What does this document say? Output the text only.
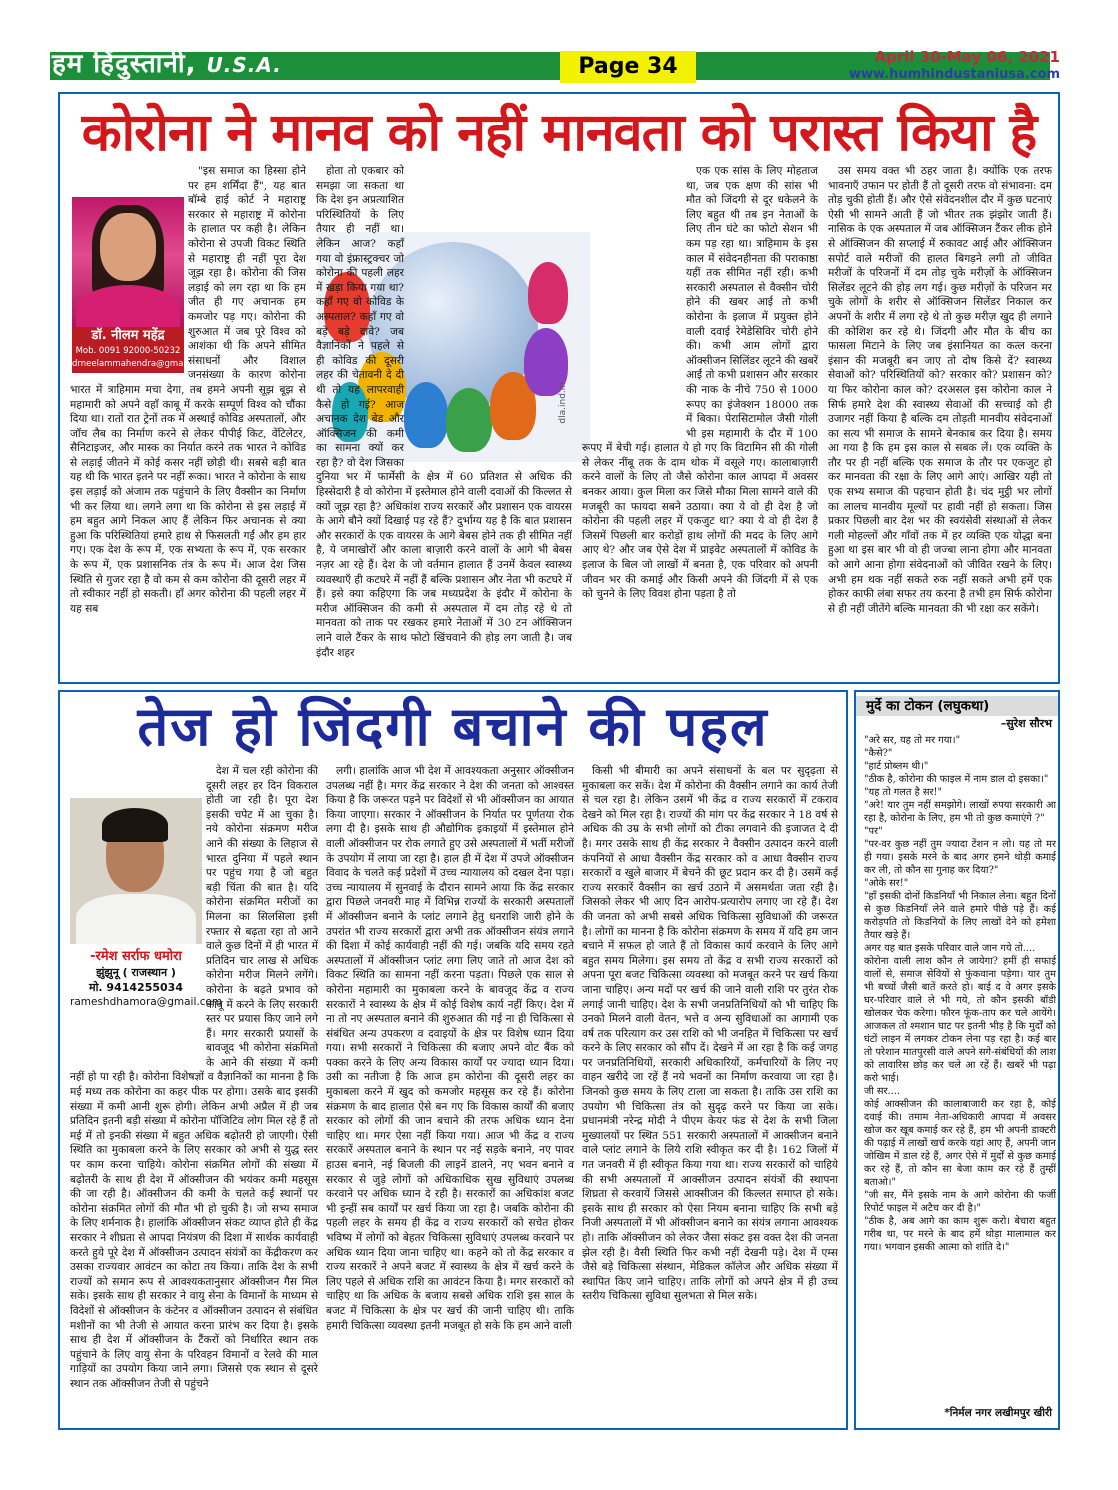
हम हिंदुस्तानी, U.S.A.	Page 34	April 30-May 06, 2021
www.humhindustaniusa.com
कोरोना ने मानव को नहीं मानवता को परास्त किया है
डॉ. नीलम महेंद्र
Mob. 0091 92000-50232
drneelammahendra@gmail.com
dla.ind.in

"इस समाज का हिस्सा होने पर हम शर्मिंदा हैं", यह बात बॉम्बे हाई कोर्ट ने महाराष्ट्र सरकार से महाराष्ट्र में कोरोना के हालात पर कही है। लेकिन कोरोना से उपजी विकट स्थिति से महाराष्ट्र ही नहीं पूरा देश जूझ रहा है। कोरोना की जिस लड़ाई को लग रहा था कि हम जीत ही गए अचानक हम कमजोर पड़ गए। कोरोना की शुरुआत में जब पूरे विश्व को आशंका थी कि अपने सीमित संसाधनों और विशाल जनसंख्या के कारण कोरोना भारत में त्राहिमाम मचा देगा, तब हमने अपनी सूझ बूझ से महामारी को अपने वहाँ काबू में करके सम्पूर्ण विश्व को चौंका दिया था। रातों रात ट्रेनों तक में अस्थाई कोविड अस्पतालों, और जाँच लैब का निर्माण करने से लेकर पीपीई किट, वेंटिलेटर, सैनिटाइजर, और मास्क का निर्यात करने तक भारत ने कोविड से लड़ाई जीतने में कोई कसर नहीं छोड़ी थी। सबसे बड़ी बात यह थी कि भारत इतने पर नहीं रूका। भारत ने कोरोना के साथ इस लड़ाई को अंजाम तक पहुंचाने के लिए वैक्सीन का निर्माण भी कर लिया था। लगने लगा था कि कोरोना से इस लड़ाई में हम बहुत आगे निकल आए हैं लेकिन फिर अचानक से क्या हुआ कि परिस्थितियां हमारे हाथ से फिसलती गईं और हम हार गए। एक देश के रूप में, एक सभ्यता के रूप में, एक सरकार के रूप में, एक प्रशासनिक तंत्र के रूप में। आज देश जिस स्थिति से गुजर रहा है वो कम से कम कोरोना की दूसरी लहर में तो स्वीकार नहीं हो सकती। हाँ अगर कोरोना की पहली लहर में यह सब

होता तो एकबार को समझा जा सकता था कि देश इन अप्रत्याशित परिस्थितियों के लिए तैयार ही नहीं था। लेकिन आज? कहाँ गया वो इंफ्रास्ट्रक्चर जो कोरोना की पहली लहर में खड़ा किया गया था? कहाँ गए वो कोविड के अस्पताल? कहाँ गए वो बड़े बड़े दावे? जब वैज्ञानिकों ने पहले से ही कोविड की दूसरी लहर की चेतावनी दे दी थी तो यह लापरवाही कैसे हो गई? आज अचानक देश बेड और ऑक्सिजन की कमी का सामना क्यों कर रहा है? वो देश जिसका दुनिया भर में फार्मेसी के क्षेत्र में 60 प्रतिशत से अधिक की हिस्सेदारी है वो कोरोना में इस्तेमाल होने वाली दवाओं की किल्लत से क्यों जूझ रहा है? अधिकांश राज्य सरकारें और प्रशासन एक वायरस के आगे बौने क्यों दिखाई पड़ रहे हैं? दुर्भाग्य यह है कि बात प्रशासन और सरकारों के एक वायरस के आगे बेबस होने तक ही सीमित नहीं है, ये जमाखोरों और काला बाज़ारी करने वालों के आगे भी बेबस नज़र आ रहे हैं। देश के जो वर्तमान हालात हैं उनमें केवल स्वास्थ्य व्यवस्थाएँ ही कटघरे में नहीं हैं बल्कि प्रशासन और नेता भी कटघरे में हैं। इसे क्या कहिएगा कि जब मध्यप्रदेश के इंदौर में कोरोना के मरीज ऑक्सिजन की कमी से अस्पताल में दम तोड़ रहे थे तो मानवता को ताक पर रखकर हमारे नेताओं में 30 टन ऑक्सिजन लाने वाले टैंकर के साथ फोटो खिंचवाने की होड़ लग जाती है। जब इंदौर शहर

एक एक सांस के लिए मोहताज था, जब एक क्षण की सांस भी मौत को जिंदगी से दूर धकेलने के लिए बहुत थी तब इन नेताओं के लिए तीन घंटे का फोटो सेशन भी कम पड़ रहा था। त्राहिमाम के इस काल में संवेदनहीनता की पराकाष्ठा यहीं तक सीमित नहीं रही। कभी सरकारी अस्पताल से वैक्सीन चोरी होने की खबर आई तो कभी कोरोना के इलाज में प्रयुक्त होने वाली दवाई रेमेडेसिविर चोरी होने की। कभी आम लोगों द्वारा ऑक्सीजन सिलिंडर लूटने की खबरें आईं तो कभी प्रशासन और सरकार की नाक के नीचे 750 से 1000 रूपए का इंजेक्शन 18000 तक में बिका। पेरासिटामोल जैसी गोली भी इस महामारी के दौर में 100 रूपए में बेची गई। हालात ये हो गए कि विटामिन सी की गोली से लेकर नींबू तक के दाम थोक में वसूले गए। कालाबाज़ारी करने वालों के लिए तो जैसे कोरोना काल आपदा में अवसर बनकर आया। कुल मिला कर जिसे मौका मिला सामने वाले की मजबूरी का फायदा सबने उठाया। क्या ये वो ही देश है जो कोरोना की पहली लहर में एकजुट था? क्या ये वो ही देश है जिसमें पिछली बार करोड़ों हाथ लोगों की मदद के लिए आगे आए थे? और जब ऐसे देश में प्राइवेट अस्पतालों में कोविड के इलाज के बिल जो लाखों में बनता है, एक परिवार को अपनी जीवन भर की कमाई और किसी अपने की जिंदगी में से एक को चुनने के लिए विवश होना पड़ता है तो

उस समय वक्त भी ठहर जाता है। क्योंकि एक तरफ भावनाएँ उफान पर होती हैं तो दूसरी तरफ वो संभावना: दम तोड़ चुकी होती हैं। और ऐसे संवेदनशील दौर में कुछ घटनाएं ऐसी भी सामने आती हैं जो भीतर तक झंझोर जाती हैं। नासिक के एक अस्पताल में जब ऑक्सिजन टैंकर लीक होने से ऑक्सिजन की सप्लाई में रुकावट आई और ऑक्सिजन सपोर्ट वाले मरीजों की हालत बिगड़ने लगी तो जीवित मरीजों के परिजनों में दम तोड़ चुके मरीज़ों के ऑक्सिजन सिलेंडर लूटने की होड़ लग गई। कुछ मरीज़ों के परिजन मर चुके लोगों के शरीर से ऑक्सिजन सिलेंडर निकाल कर अपनों के शरीर में लगा रहे थे तो कुछ मरीज़ खुद ही लगाने की कोशिश कर रहे थे। जिंदगी और मौत के बीच का फासला मिटाने के लिए जब इंसानियत का कत्ल करना इंसान की मजबूरी बन जाए तो दोष किसे दें? स्वास्थ्य सेवाओं को? परिस्थितियों को? सरकार को? प्रशासन को? या फिर कोरोना काल को? दरअसल इस कोरोना काल ने सिर्फ हमारे देश की स्वास्थ्य सेवाओं की सच्चाई को ही उजागर नहीं किया है बल्कि दम तोड़ती मानवीय संवेदनाओं का सत्य भी समाज के सामने बेनकाब कर दिया है। समय आ गया है कि हम इस काल से सबक लें। एक व्यक्ति के तौर पर ही नहीं बल्कि एक समाज के तौर पर एकजुट हो कर मानवता की रक्षा के लिए आगे आएं। आखिर यही तो एक सभ्य समाज की पहचान होती है। चंद मुट्ठी भर लोगों का लालच मानवीय मूल्यों पर हावी नहीं हो सकता। जिस प्रकार पिछली बार देश भर की स्वयंसेवी संस्थाओं से लेकर गली मोहल्लों और गाँवों तक में हर व्यक्ति एक योद्धा बना हुआ था इस बार भी वो ही जज्बा लाना होगा और मानवता को आगे आना होगा संवेदनाओं को जीवित रखने के लिए। अभी हम थक नहीं सकते रुक नहीं सकते अभी हमें एक होकर काफी लंबा सफर तय करना है तभी हम सिर्फ कोरोना से ही नहीं जीतेंगे बल्कि मानवता की भी रक्षा कर सकेंगे।

तेज हो जिंदगी बचाने की पहल
-रमेश सर्राफ धमोरा
झुंझुनू ( राजस्थान )
मो. 9414255034
rameshdhamora@gmail.com

देश में चल रही कोरोना की दूसरी लहर हर दिन विकराल होती जा रही है। पूरा देश इसकी चपेट में आ चुका है। नये कोरोना संक्रमण मरीज आने की संख्या के लिहाज से भारत दुनिया में पहले स्थान पर पहुंच गया है जो बहुत बड़ी चिंता की बात है। यदि कोरोना संक्रमित मरीजों का मिलना का सिलसिला इसी रफ्तार से बढ़ता रहा तो आने वाले कुछ दिनों में ही भारत में प्रतिदिन चार लाख से अधिक कोरोना मरीज मिलने लगेंगे। कोरोना के बढ़ते प्रभाव को काबू में करने के लिए सरकारी स्तर पर प्रयास किए जाने लगे हैं। मगर सरकारी प्रयासों के बावजूद भी कोरोना संक्रमितो के आने की संख्या में कमी नहीं हो पा रही है। कोरोना विशेषज्ञों व वैज्ञानिकों का मानना है कि मई मध्य तक कोरोना का कहर पीक पर होगा। उसके बाद इसकी संख्या में कमी आनी शुरू होगी। लेकिन अभी अप्रैल में ही जब प्रतिदिन इतनी बड़ी संख्या में कोरोना पॉजिटिव लोग मिल रहे हैं तो मई में तो इनकी संख्या में बहुत अधिक बढ़ोतरी हो जाएगी। ऐसी स्थिति का मुकाबला करने के लिए सरकार को अभी से युद्ध स्तर पर काम करना चाहिये। कोरोना संक्रमित लोगों की संख्या में बढ़ोतरी के साथ ही देश में ऑक्सीजन की भयंकर कमी महसूस की जा रही है। ऑक्सीजन की कमी के चलते कई स्थानों पर कोरोना संक्रमित लोगों की मौत भी हो चुकी है। जो सभ्य समाज के लिए शर्मनाक है। हालांकि ऑक्सीजन संकट व्याप्त होते ही केंद्र सरकार ने शीघ्रता से आपदा नियंत्रण की दिशा में सार्थक कार्यवाही करते हुये पूरे देश में ऑक्सीजन उत्पादन संयंत्रों का केंद्रीकरण कर उसका राज्यवार आवंटन का कोटा तय किया। ताकि देश के सभी राज्यों को समान रूप से आवश्यकतानुसार ऑक्सीजन गैस मिल सके। इसके साथ ही सरकार ने वायु सेना के विमानों के माध्यम से विदेशों से ऑक्सीजन के कंटेनर व ऑक्सीजन उत्पादन से संबंधित मशीनों का भी तेजी से आयात करना प्रारंभ कर दिया है। इसके साथ ही देश में ऑक्सीजन के टैंकरों को निर्धारित स्थान तक पहुंचाने के लिए वायु सेना के परिवहन विमानों व रेलवे की माल गाड़ियों का उपयोग किया जाने लगा। जिससे एक स्थान से दूसरे स्थान तक ऑक्सीजन तेजी से पहुंचने

लगी। हालांकि आज भी देश में आवश्यकता अनुसार ऑक्सीजन उपलब्ध नहीं है। मगर केंद्र सरकार ने देश की जनता को आश्वस्त किया है कि जरूरत पड़ने पर विदेशों से भी ऑक्सीजन का आयात किया जाएगा। सरकार ने ऑक्सीजन के निर्यात पर पूर्णतया रोक लगा दी है। इसके साथ ही औद्योगिक इकाइयों में इस्तेमाल होने वाली ऑक्सीजन पर रोक लगाते हुए उसे अस्पतालों में भर्ती मरीजों के उपयोग में लाया जा रहा है। हाल ही में देश में उपजे ऑक्सीजन विवाद के चलते कई प्रदेशों में उच्च न्यायालय को दखल देना पड़ा। उच्च न्यायालय में सुनवाई के दौरान सामने आया कि केंद्र सरकार द्वारा पिछले जनवरी माह में विभिन्न राज्यों के सरकारी अस्पतालों में ऑक्सीजन बनाने के प्लांट लगाने हेतु धनराशि जारी होने के उपरांत भी राज्य सरकारों द्वारा अभी तक ऑक्सीजन संयंत्र लगाने की दिशा में कोई कार्यवाही नहीं की गई। जबकि यदि समय रहते अस्पतालों में ऑक्सीजन प्लांट लगा लिए जाते तो आज देश को विकट स्थिति का सामना नहीं करना पड़ता। पिछले एक साल से कोरोना महामारी का मुकाबला करने के बावजूद केंद्र व राज्य सरकारों ने स्वास्थ्य के क्षेत्र में कोई विशेष कार्य नहीं किए। देश में ना तो नए अस्पताल बनाने की शुरुआत की गई ना ही चिकित्सा से संबंधित अन्य उपकरण व दवाइयों के क्षेत्र पर विशेष ध्यान दिया गया। सभी सरकारों ने चिकित्सा की बजाए अपने वोट बैंक को पक्का करने के लिए अन्य विकास कार्यों पर ज्यादा ध्यान दिया। उसी का नतीजा है कि आज हम कोरोना की दूसरी लहर का मुकाबला करने में खुद को कमजोर महसूस कर रहे हैं। कोरोना संक्रमण के बाद हालात ऐसे बन गए कि विकास कार्यों की बजाए सरकार को लोगों की जान बचाने की तरफ अधिक ध्यान देना चाहिए था। मगर ऐसा नहीं किया गया। आज भी केंद्र व राज्य सरकारें अस्पताल बनाने के स्थान पर नई सड़के बनाने, नए पावर हाउस बनाने, नई बिजली की लाइनें डालने, नए भवन बनाने व सरकार से जुड़े लोगों को अधिकाधिक सुख सुविधाएं उपलब्ध करवाने पर अधिक ध्यान दे रही है। सरकारों का अधिकांश बजट भी इन्हीं सब कार्यों पर खर्च किया जा रहा है। जबकि कोरोना की पहली लहर के समय ही केंद्र व राज्य सरकारों को सचेत होकर भविष्य में लोगों को बेहतर चिकित्सा सुविधाएं उपलब्ध करवाने पर अधिक ध्यान दिया जाना चाहिए था। कहने को तो केंद्र सरकार व राज्य सरकारें ने अपने बजट में स्वास्थ्य के क्षेत्र में खर्च करने के लिए पहले से अधिक राशि का आवंटन किया है। मगर सरकारों को चाहिए था कि अधिक के बजाय सबसे अधिक राशि इस साल के बजट में चिकित्सा के क्षेत्र पर खर्च की जानी चाहिए थी। ताकि हमारी चिकित्सा व्यवस्था इतनी मजबूत हो सके कि हम आने वाली

किसी भी बीमारी का अपने संसाधनों के बल पर सुदृढ़ता से मुकाबला कर सकें। देश में कोरोना की वैक्सीन लगाने का कार्य तेजी से चल रहा है। लेकिन उसमें भी केंद्र व राज्य सरकारों में टकराव देखने को मिल रहा है। राज्यों की मांग पर केंद्र सरकार ने 18 वर्ष से अधिक की उम्र के सभी लोगों को टीका लगवाने की इजाजत दे दी है। मगर उसके साथ ही केंद्र सरकार ने वैक्सीन उत्पादन करने वाली कंपनियों से आधा वैक्सीन केंद्र सरकार को व आधा वैक्सीन राज्य सरकारों व खुले बाजार में बेचने की छूट प्रदान कर दी है। उसमें कई राज्य सरकारें वैक्सीन का खर्च उठाने में असमर्थता जता रही है। जिसको लेकर भी आए दिन आरोप-प्रत्यारोप लगाए जा रहे हैं। देश की जनता को अभी सबसे अधिक चिकित्सा सुविधाओं की जरूरत है। लोगों का मानना है कि कोरोना संक्रमण के समय में यदि हम जान बचाने में सफल हो जाते हैं तो विकास कार्य करवाने के लिए आगे बहुत समय मिलेगा। इस समय तो केंद्र व सभी राज्य सरकारों को अपना पूरा बजट चिकित्सा व्यवस्था को मजबूत करने पर खर्च किया जाना चाहिए। अन्य मदों पर खर्च की जाने वाली राशि पर तुरंत रोक लगाई जानी चाहिए। देश के सभी जनप्रतिनिधियों को भी चाहिए कि उनको मिलने वाली वेतन, भत्ते व अन्य सुविधाओं का आगामी एक वर्ष तक परित्याग कर उस राशि को भी जनहित में चिकित्सा पर खर्च करने के लिए सरकार को सौंप दें। देखने में आ रहा है कि कई जगह पर जनप्रतिनिधियों, सरकारी अधिकारियों, कर्मचारियों के लिए नए वाहन खरीदे जा रहें हैं नये भवनों का निर्माण करवाया जा रहा है। जिनको कुछ समय के लिए टाला जा सकता है। ताकि उस राशि का उपयोग भी चिकित्सा तंत्र को सुदृढ़ करने पर किया जा सके। प्रधानमंत्री नरेन्द्र मोदी ने पीएम केयर फंड से देश के सभी जिला मुख्यालयों पर स्थित 551 सरकारी अस्पतालों में आक्सीजन बनाने वाले प्लांट लगाने के लिये राशि स्वीकृत कर दी है। 162 जिलों में गत जनवरी में ही स्वीकृत किया गया था। राज्य सरकारों को चाहिये की सभी अस्पतालों में आक्सीजन उत्पादन संयंत्रों की स्थापना शिघ्रता से करवायें जिससे आक्सीजन की किल्लत समाप्त हो सके। इसके साथ ही सरकार को ऐसा नियम बनाना चाहिए कि सभी बड़े निजी अस्पतालों में भी ऑक्सीजन बनाने का संयंत्र लगाना आवश्यक हो। ताकि ऑक्सीजन को लेकर जैसा संकट इस वक्त देश की जनता झेल रही है। वैसी स्थिति फिर कभी नहीं देखनी पड़े। देश में एम्स जैसे बड़े चिकित्सा संस्थान, मेडिकल कॉलेज और अधिक संख्या में स्थापित किए जाने चाहिए। ताकि लोगों को अपने क्षेत्र में ही उच्च स्तरीय चिकित्सा सुविधा सुलभता से मिल सके।

मुर्दे का टोकन (लघुकथा)
–सुरेश सौरभ

"अरे सर, यह तो मर गया।"

"कैसे?"

"हार्ट प्रोब्लम थी।"

"ठीक है, कोरोना की फाइल में नाम डाल दो इसका।"

"यह तो गलत है सर!"

"अरे! यार तुम नहीं समझोगे। लाखों रुपया सरकारी आ रहा है, कोरोना के लिए, हम भी तो कुछ कमाएंगे ?"

"पर"

"पर-वर कुछ नहीं तुम ज्यादा टेंशन न लो। यह तो मर ही गया। इसके मरने के बाद अगर हमने थोड़ी कमाई कर ली, तो कौन सा गुनाह कर दिया?"

"ओके सर!"

"हाँ इसकी दोनों किडनियाँ भी निकाल लेना। बहुत दिनों से कुछ किडनियाँ लेने वाले हमारे पीछे पड़े हैं। कई करोड़पति तो किडनियों के लिए लाखों देने को हमेशा तैयार खड़े हैं।

अगर यह बात इसके परिवार वाले जान गये तो....

कोरोना वाली लाश कौन ले जायेगा? हमीं ही सफाई वालों से, समाज सेवियों से फुंकवाना पड़ेगा। यार तुम भी बच्चों जैसी बातें करते हो। बाई द वे अगर इसके घर-परिवार वाले ले भी गये, तो कौन इसकी बॉडी खोलकर चेक करेगा। फौरन फूंक-ताप कर चले आयेंगे। आजकल तो श्मशान घाट पर इतनी भीड़ है कि मुर्दों को घंटों लाइन में लगकर टोकन लेना पड़ रहा है। कई बार तो परेशान मातपुरसी वाले अपने सगे-संबंधियों की लाश को लावारिस छोड़ कर चले आ रहें हैं। खबरें भी पढ़ा करो भाई।

जी सर....

कोई आक्सीजन की कालाबाजारी कर रहा है, कोई दवाई की। तमाम नेता-अधिकारी आपदा में अवसर खोज कर खूब कमाई कर रहे हैं, हम भी अपनी डाक्टरी की पढ़ाई में लाखों खर्च करके यहां आए हैं, अपनी जान जोखिम में डाल रहे हैं, अगर ऐसे में मुर्दों से कुछ कमाई कर रहे हैं, तो कौन सा बेजा काम कर रहे हैं तुम्हीं बताओ।"

"जी सर, मैंने इसके नाम के आगे कोरोना की फर्जी रिपोर्ट फाइल में अटैच कर दी है।"

"ठीक है, अब आगे का काम शुरू करो। बेचारा बहुत गरीब था, पर मरने के बाद हमें थोड़ा मालामाल कर गया। भगवान इसकी आत्मा को शांति दे।"

*निर्मल नगर लखीमपुर खीरी
